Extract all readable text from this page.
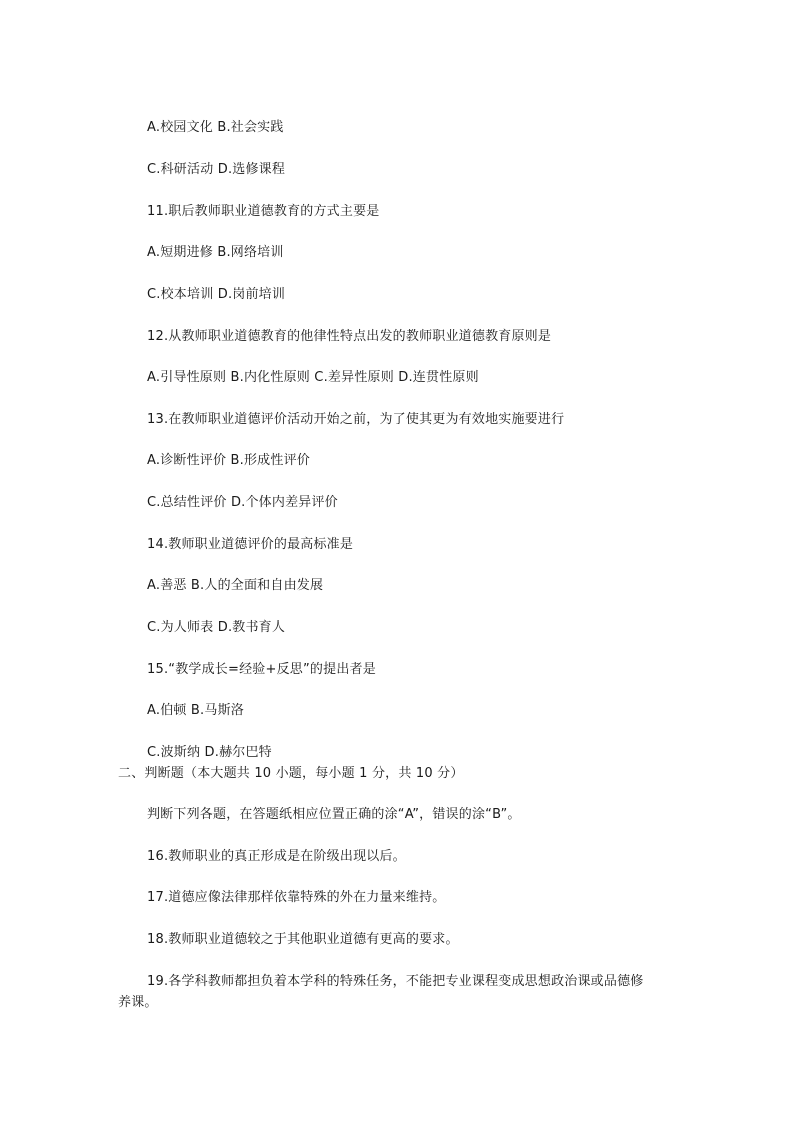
A.校园文化 B.社会实践
C.科研活动 D.选修课程
11.职后教师职业道德教育的方式主要是
A.短期进修 B.网络培训
C.校本培训 D.岗前培训
12.从教师职业道德教育的他律性特点出发的教师职业道德教育原则是
A.引导性原则 B.内化性原则 C.差异性原则 D.连贯性原则
13.在教师职业道德评价活动开始之前，为了使其更为有效地实施要进行
A.诊断性评价 B.形成性评价
C.总结性评价 D.个体内差异评价
14.教师职业道德评价的最高标准是
A.善恶 B.人的全面和自由发展
C.为人师表 D.教书育人
15.“教学成长=经验+反思”的提出者是
A.伯顿 B.马斯洛
C.波斯纳 D.赫尔巴特
二、判断题（本大题共 10 小题，每小题 1 分，共 10 分）
判断下列各题，在答题纸相应位置正确的涂“A”，错误的涂“B”。
16.教师职业的真正形成是在阶级出现以后。
17.道德应像法律那样依靠特殊的外在力量来维持。
18.教师职业道德较之于其他职业道德有更高的要求。
19.各学科教师都担负着本学科的特殊任务，不能把专业课程变成思想政治课或品德修
养课。
